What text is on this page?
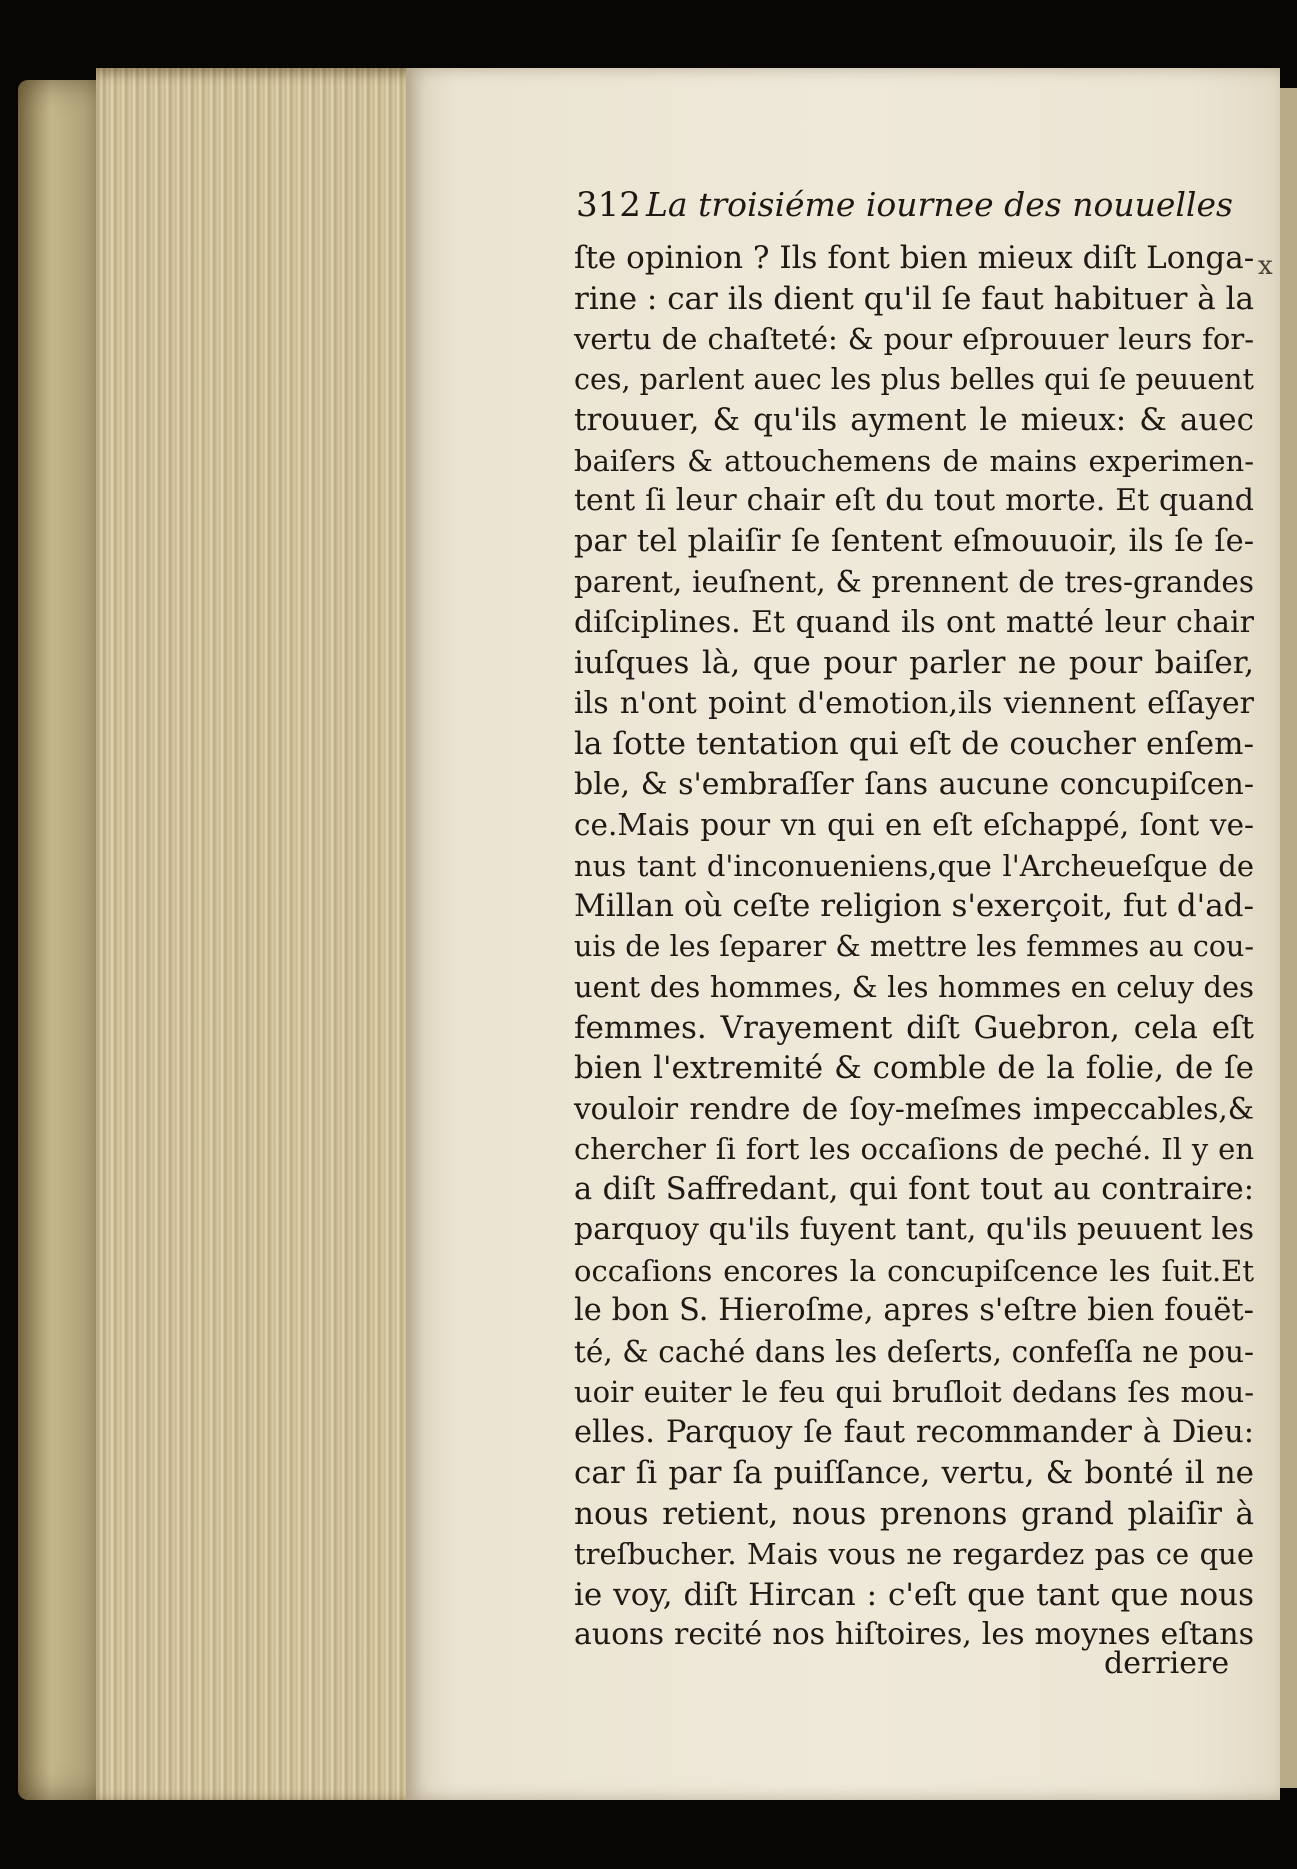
312 La troisiéme iournee des nouuelles
x
ſte opinion ? Ils font bien mieux diſt Longa-
rine : car ils dient qu'il ſe faut habituer à la
vertu de chaſteté: & pour eſprouuer leurs for-
ces, parlent auec les plus belles qui ſe peuuent
trouuer, & qu'ils ayment le mieux: & auec
baiſers & attouchemens de mains experimen-
tent ſi leur chair eſt du tout morte. Et quand
par tel plaiſir ſe ſentent eſmouuoir, ils ſe ſe-
parent, ieuſnent, & prennent de tres-grandes
diſciplines. Et quand ils ont matté leur chair
iuſques là, que pour parler ne pour baiſer,
ils n'ont point d'emotion,ils viennent eſſayer
la ſotte tentation qui eſt de coucher enſem-
ble, & s'embraſſer ſans aucune concupiſcen-
ce.Mais pour vn qui en eſt eſchappé, ſont ve-
nus tant d'inconueniens,que l'Archeueſque de
Millan où ceſte religion s'exerçoit, fut d'ad-
uis de les ſeparer & mettre les femmes au cou-
uent des hommes, & les hommes en celuy des
femmes. Vrayement diſt Guebron, cela eſt
bien l'extremité & comble de la folie, de ſe
vouloir rendre de ſoy-meſmes impeccables,&
chercher ſi fort les occaſions de peché. Il y en
a diſt Saffredant, qui font tout au contraire:
parquoy qu'ils fuyent tant, qu'ils peuuent les
occaſions encores la concupiſcence les ſuit.Et
le bon S. Hieroſme, apres s'eſtre bien fouët-
té, & caché dans les deſerts, confeſſa ne pou-
uoir euiter le feu qui bruſloit dedans ſes mou-
elles. Parquoy ſe faut recommander à Dieu:
car ſi par ſa puiſſance, vertu, & bonté il ne
nous retient, nous prenons grand plaiſir à
treſbucher. Mais vous ne regardez pas ce que
ie voy, diſt Hircan : c'eſt que tant que nous
auons recité nos hiſtoires, les moynes eſtans
derriere
